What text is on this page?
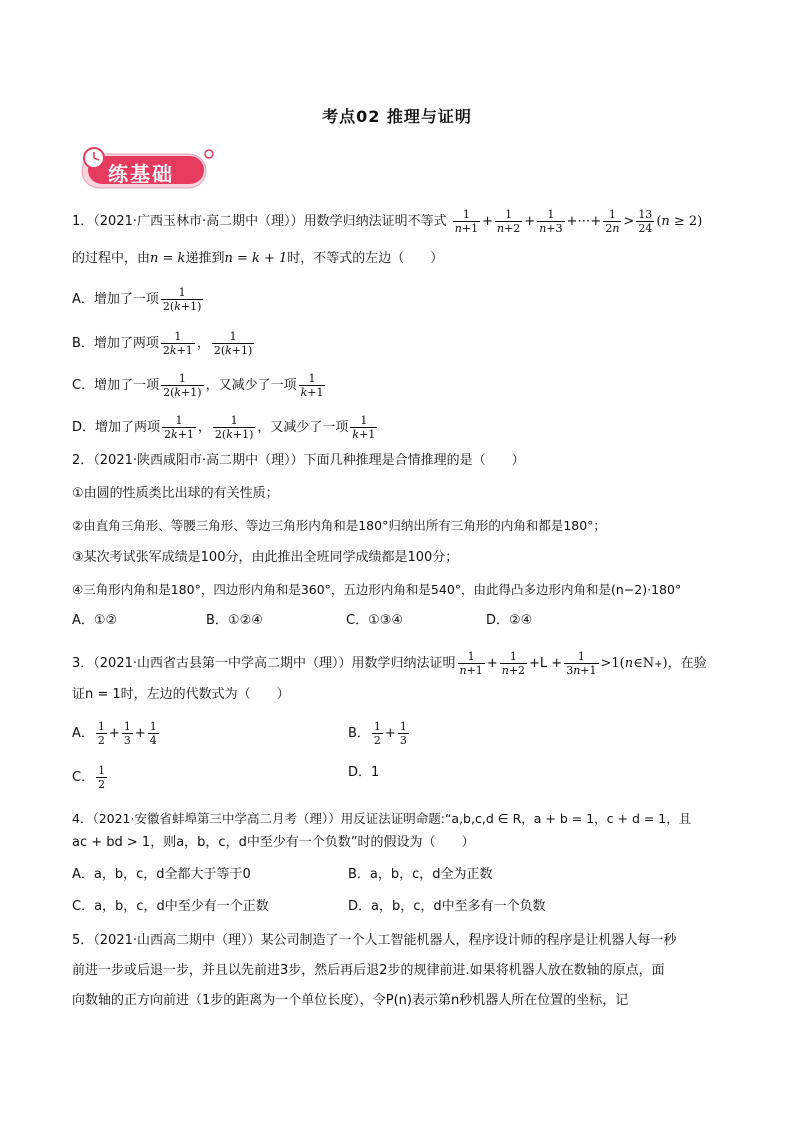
考点02 推理与证明
练基础
1．（2021·广西玉林市·高二期中（理））用数学归纳法证明不等式 $\frac{1}{n+1} + \frac{1}{n+2} + \frac{1}{n+3}$ +⋯+ $\frac{1}{2n} > \frac{13}{24} (n \ge 2)$
的过程中，由n = k递推到n = k + 1时，不等式的左边（　　）
A．增加了一项 $\frac{1}{2(k+1)}$
B．增加了两项 $\frac{1}{2k+1}$ ， $\frac{1}{2(k+1)}$
C．增加了一项 $\frac{1}{2(k+1)}$ ，又减少了一项 $\frac{1}{k+1}$
D．增加了两项 $\frac{1}{2k+1}$ ， $\frac{1}{2(k+1)}$ ，又减少了一项 $\frac{1}{k+1}$
2．（2021·陕西咸阳市·高二期中（理））下面几种推理是合情推理的是（　　）
①由圆的性质类比出球的有关性质；
②由直角三角形、等腰三角形、等边三角形内角和是180°归纳出所有三角形的内角和都是180°；
③某次考试张军成绩是100分，由此推出全班同学成绩都是100分；
④三角形内角和是180°，四边形内角和是360°，五边形内角和是540°，由此得凸多边形内角和是(n−2)·180°
A．①②	B．①②④	C．①③④	D．②④
3．（2021·山西省古县第一中学高二期中（理））用数学归纳法证明 $\frac{1}{n+1} + \frac{1}{n+2} +L + \frac{1}{3n+1}$ >1(n∈N+)，在验
证n = 1时，左边的代数式为（　　）
A． $\frac{1}{2} + \frac{1}{3} + \frac{1}{4}$	B． $\frac{1}{2} + \frac{1}{3}$
C． $\frac{1}{2}$	D．1
4．（2021·安徽省蚌埠第三中学高二月考（理））用反证法证明命题:“a,b,c,d ∈ R，a + b = 1，c + d = 1，且
ac + bd > 1，则a，b，c，d中至少有一个负数”时的假设为（　　）
A．a，b，c，d全都大于等于0	B．a，b，c，d全为正数
C．a，b，c，d中至少有一个正数	D．a，b，c，d中至多有一个负数
5．（2021·山西高二期中（理））某公司制造了一个人工智能机器人，程序设计师的程序是让机器人每一秒
前进一步或后退一步，并且以先前进3步，然后再后退2步的规律前进.如果将机器人放在数轴的原点，面
向数轴的正方向前进（1步的距离为一个单位长度），令P(n)表示第n秒机器人所在位置的坐标，记
